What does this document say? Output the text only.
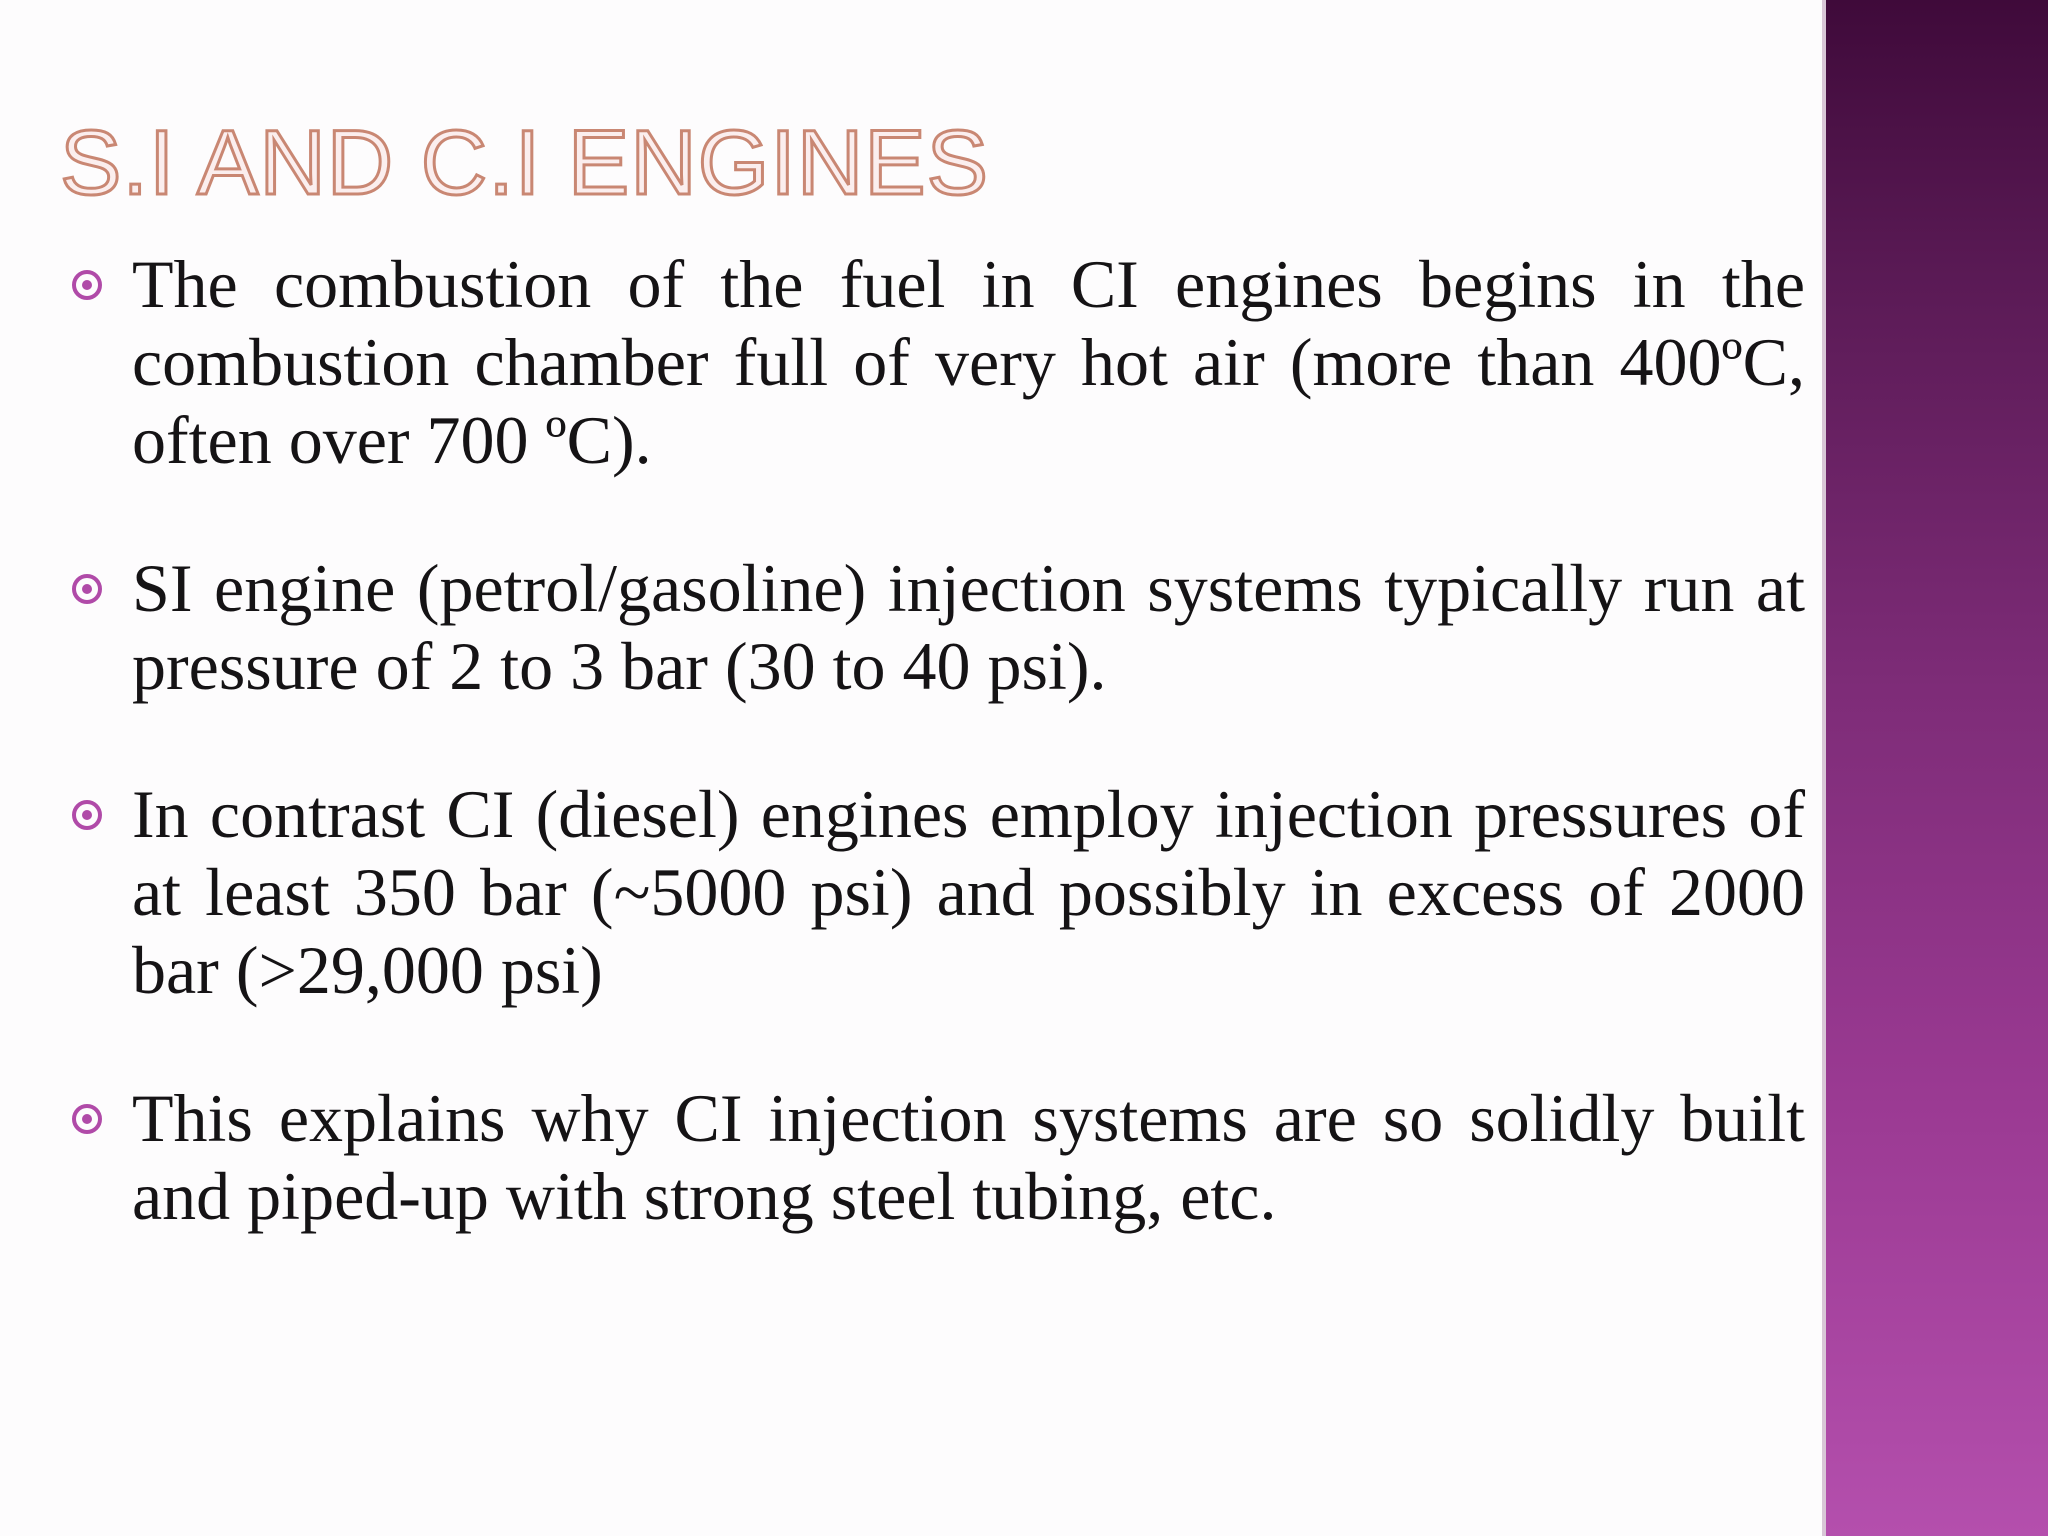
S.I AND C.I ENGINES
The combustion of the fuel in CI engines begins in the combustion chamber full of very hot air (more than 400ºC, often over 700 ºC).
SI engine (petrol/gasoline) injection systems typically run at pressure of 2 to 3 bar (30 to 40 psi).
In contrast CI (diesel) engines employ injection pressures of at least 350 bar (~5000 psi) and possibly in excess of 2000 bar (>29,000 psi)
This explains why CI injection systems are so solidly built and piped-up with strong steel tubing, etc.
